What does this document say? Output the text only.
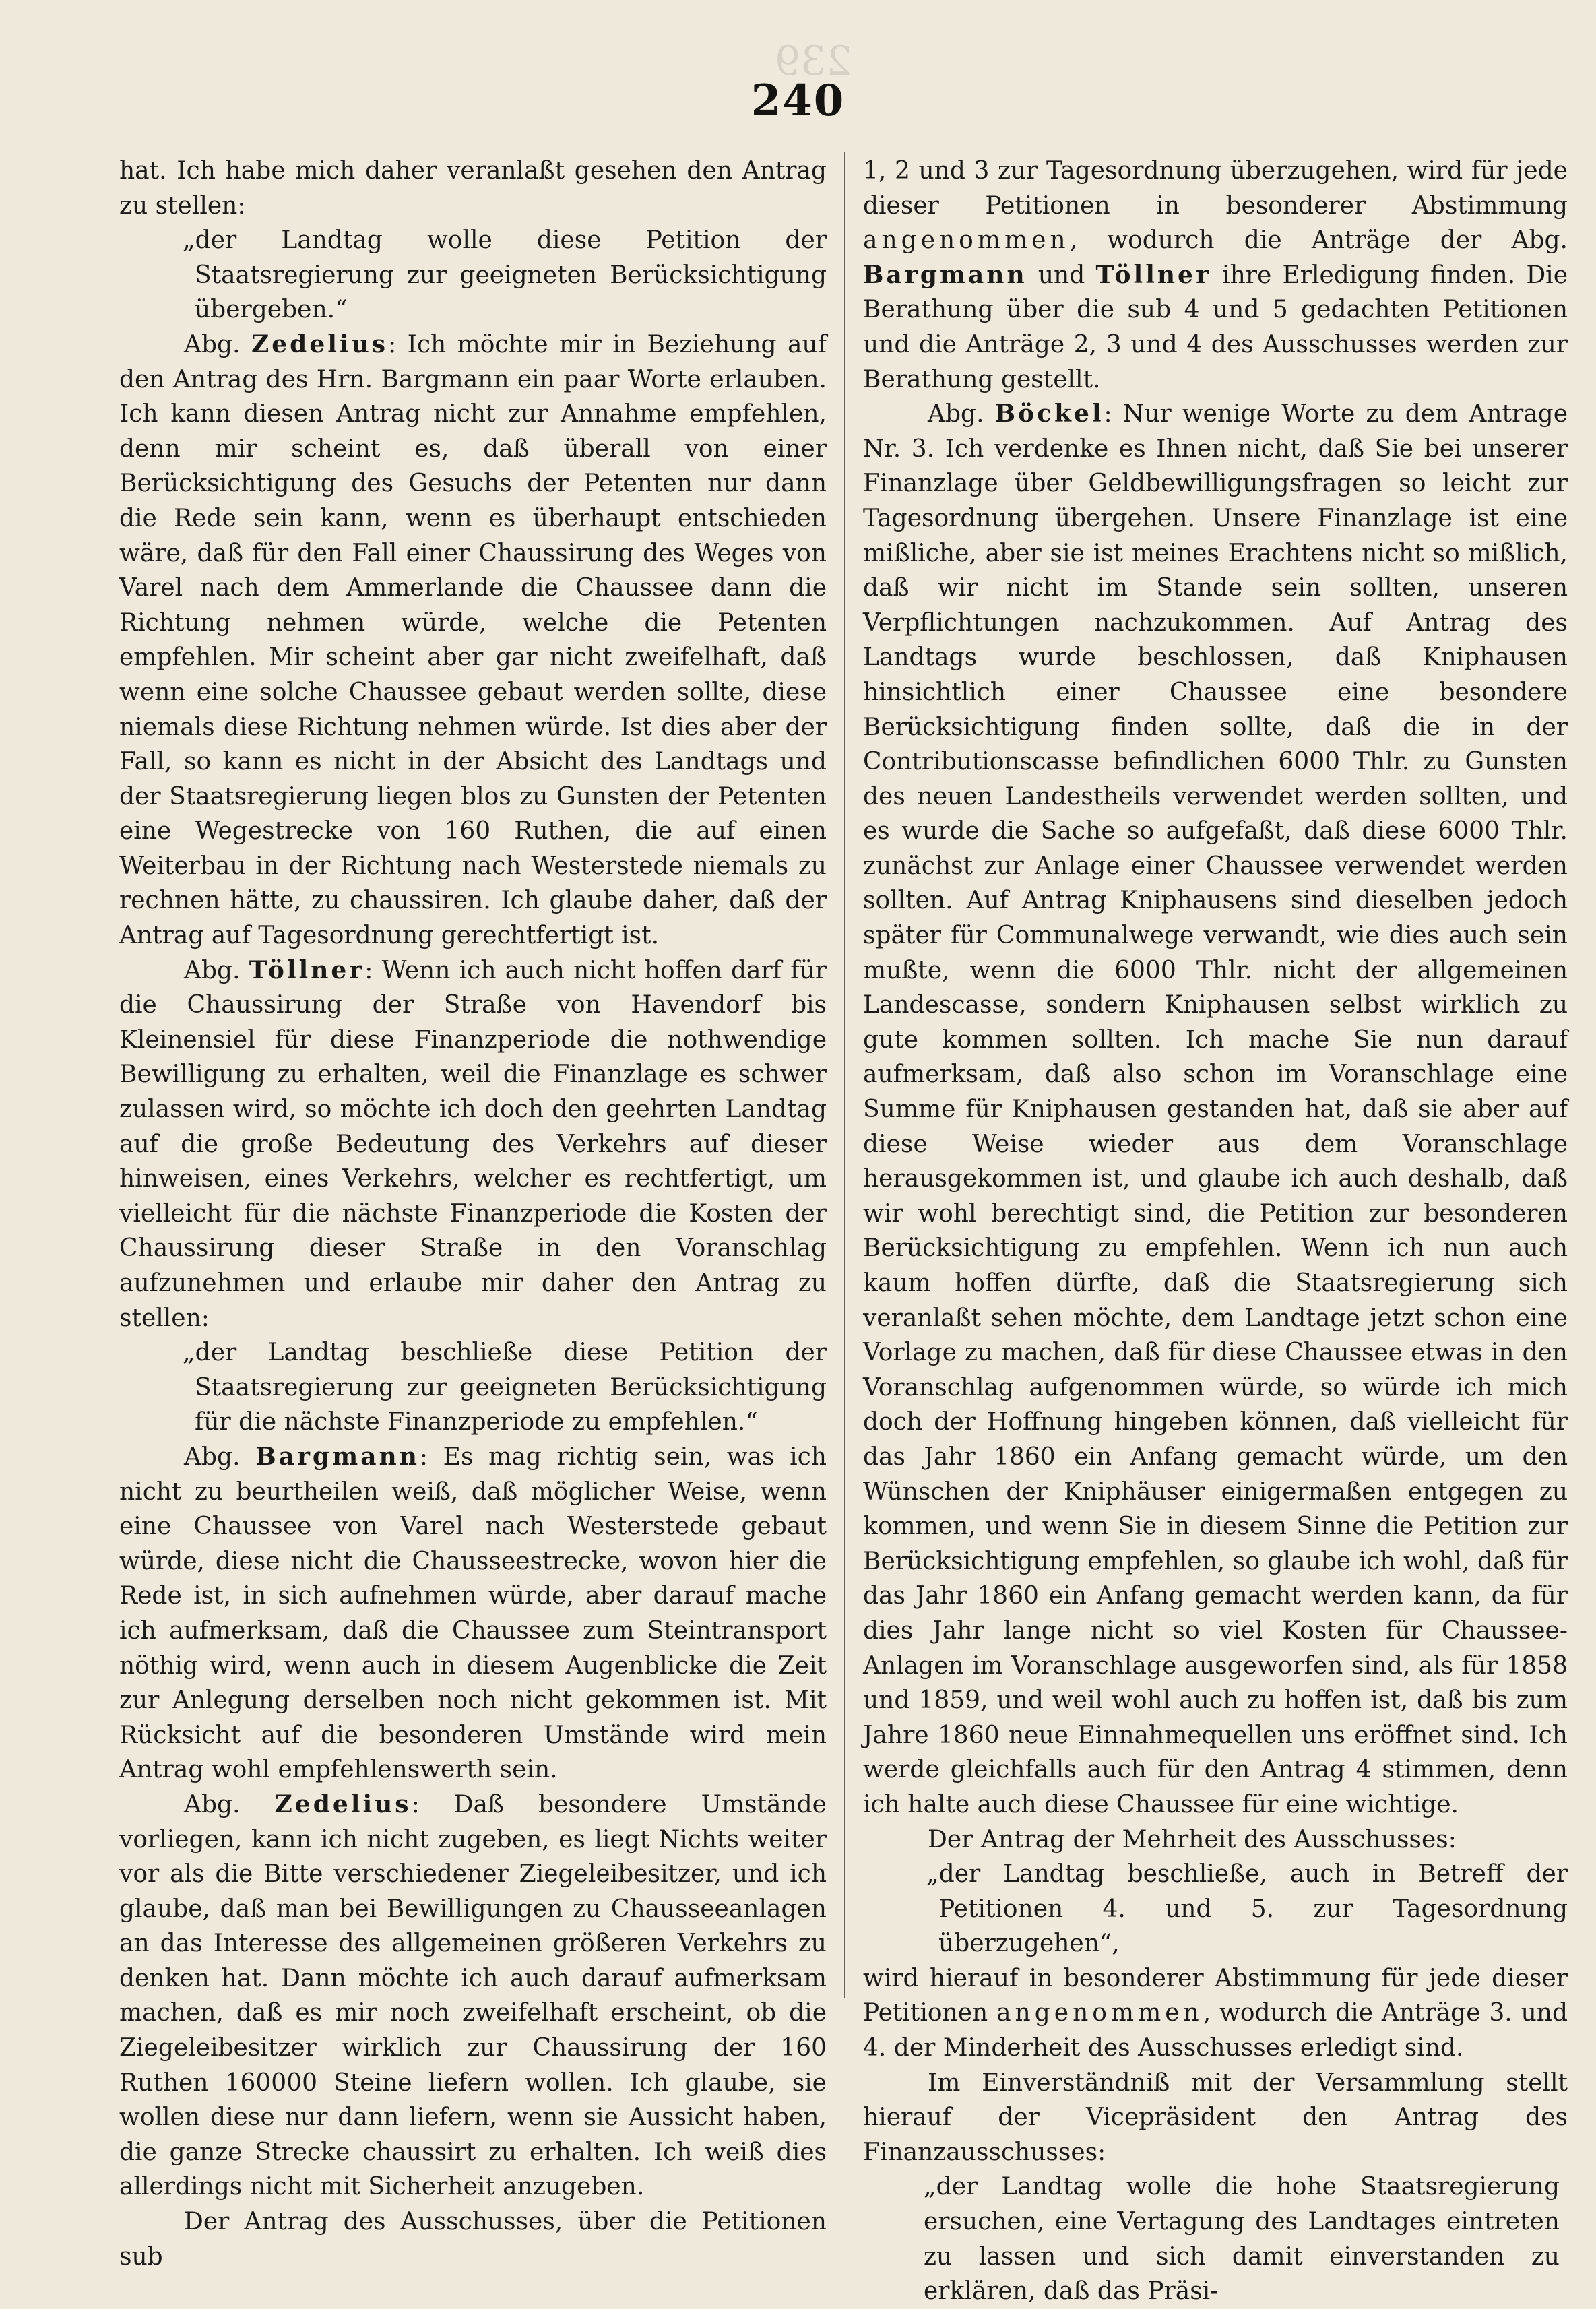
239
240

hat. Ich habe mich daher veranlaßt gesehen den Antrag zu stellen:

„der Landtag wolle diese Petition der Staatsregierung zur geeigneten Berücksichtigung übergeben.“

Abg. Zedelius: Ich möchte mir in Beziehung auf den Antrag des Hrn. Bargmann ein paar Worte erlauben. Ich kann diesen Antrag nicht zur Annahme empfehlen, denn mir scheint es, daß überall von einer Berücksichtigung des Gesuchs der Petenten nur dann die Rede sein kann, wenn es überhaupt entschieden wäre, daß für den Fall einer Chaussirung des Weges von Varel nach dem Ammerlande die Chaussee dann die Richtung nehmen würde, welche die Petenten empfehlen. Mir scheint aber gar nicht zweifelhaft, daß wenn eine solche Chaussee gebaut werden sollte, diese niemals diese Richtung nehmen würde. Ist dies aber der Fall, so kann es nicht in der Absicht des Landtags und der Staatsregierung liegen blos zu Gunsten der Petenten eine Wegestrecke von 160 Ruthen, die auf einen Weiterbau in der Richtung nach Westerstede niemals zu rechnen hätte, zu chaussiren. Ich glaube daher, daß der Antrag auf Tagesordnung gerechtfertigt ist.

Abg. Töllner: Wenn ich auch nicht hoffen darf für die Chaussirung der Straße von Havendorf bis Kleinensiel für diese Finanzperiode die nothwendige Bewilligung zu erhalten, weil die Finanzlage es schwer zulassen wird, so möchte ich doch den geehrten Landtag auf die große Bedeutung des Verkehrs auf dieser hinweisen, eines Verkehrs, welcher es rechtfertigt, um vielleicht für die nächste Finanzperiode die Kosten der Chaussirung dieser Straße in den Voranschlag aufzunehmen und erlaube mir daher den Antrag zu stellen:

„der Landtag beschließe diese Petition der Staatsregierung zur geeigneten Berücksichtigung für die nächste Finanzperiode zu empfehlen.“

Abg. Bargmann: Es mag richtig sein, was ich nicht zu beurtheilen weiß, daß möglicher Weise, wenn eine Chaussee von Varel nach Westerstede gebaut würde, diese nicht die Chausseestrecke, wovon hier die Rede ist, in sich aufnehmen würde, aber darauf mache ich aufmerksam, daß die Chaussee zum Steintransport nöthig wird, wenn auch in diesem Augenblicke die Zeit zur Anlegung derselben noch nicht gekommen ist. Mit Rücksicht auf die besonderen Umstände wird mein Antrag wohl empfehlenswerth sein.

Abg. Zedelius: Daß besondere Umstände vorliegen, kann ich nicht zugeben, es liegt Nichts weiter vor als die Bitte verschiedener Ziegeleibesitzer, und ich glaube, daß man bei Bewilligungen zu Chausseeanlagen an das Interesse des allgemeinen größeren Verkehrs zu denken hat. Dann möchte ich auch darauf aufmerksam machen, daß es mir noch zweifelhaft erscheint, ob die Ziegeleibesitzer wirklich zur Chaussirung der 160 Ruthen 160000 Steine liefern wollen. Ich glaube, sie wollen diese nur dann liefern, wenn sie Aussicht haben, die ganze Strecke chaussirt zu erhalten. Ich weiß dies allerdings nicht mit Sicherheit anzugeben.

Der Antrag des Ausschusses, über die Petitionen sub

1, 2 und 3 zur Tagesordnung überzugehen, wird für jede dieser Petitionen in besonderer Abstimmung angenommen, wodurch die Anträge der Abg. Bargmann und Töllner ihre Erledigung finden. Die Berathung über die sub 4 und 5 gedachten Petitionen und die Anträge 2, 3 und 4 des Ausschusses werden zur Berathung gestellt.

Abg. Böckel: Nur wenige Worte zu dem Antrage Nr. 3. Ich verdenke es Ihnen nicht, daß Sie bei unserer Finanzlage über Geldbewilligungsfragen so leicht zur Tagesordnung übergehen. Unsere Finanzlage ist eine mißliche, aber sie ist meines Erachtens nicht so mißlich, daß wir nicht im Stande sein sollten, unseren Verpflichtungen nachzukommen. Auf Antrag des Landtags wurde beschlossen, daß Kniphausen hinsichtlich einer Chaussee eine besondere Berücksichtigung finden sollte, daß die in der Contributionscasse befindlichen 6000 Thlr. zu Gunsten des neuen Landestheils verwendet werden sollten, und es wurde die Sache so aufgefaßt, daß diese 6000 Thlr. zunächst zur Anlage einer Chaussee verwendet werden sollten. Auf Antrag Kniphausens sind dieselben jedoch später für Communalwege verwandt, wie dies auch sein mußte, wenn die 6000 Thlr. nicht der allgemeinen Landescasse, sondern Kniphausen selbst wirklich zu gute kommen sollten. Ich mache Sie nun darauf aufmerksam, daß also schon im Voranschlage eine Summe für Kniphausen gestanden hat, daß sie aber auf diese Weise wieder aus dem Voranschlage herausgekommen ist, und glaube ich auch deshalb, daß wir wohl berechtigt sind, die Petition zur besonderen Berücksichtigung zu empfehlen. Wenn ich nun auch kaum hoffen dürfte, daß die Staatsregierung sich veranlaßt sehen möchte, dem Landtage jetzt schon eine Vorlage zu machen, daß für diese Chaussee etwas in den Voranschlag aufgenommen würde, so würde ich mich doch der Hoffnung hingeben können, daß vielleicht für das Jahr 1860 ein Anfang gemacht würde, um den Wünschen der Kniphäuser einigermaßen entgegen zu kommen, und wenn Sie in diesem Sinne die Petition zur Berücksichtigung empfehlen, so glaube ich wohl, daß für das Jahr 1860 ein Anfang gemacht werden kann, da für dies Jahr lange nicht so viel Kosten für Chaussee-Anlagen im Voranschlage ausgeworfen sind, als für 1858 und 1859, und weil wohl auch zu hoffen ist, daß bis zum Jahre 1860 neue Einnahmequellen uns eröffnet sind. Ich werde gleichfalls auch für den Antrag 4 stimmen, denn ich halte auch diese Chaussee für eine wichtige.

Der Antrag der Mehrheit des Ausschusses:

„der Landtag beschließe, auch in Betreff der Petitionen 4. und 5. zur Tagesordnung überzugehen“,

wird hierauf in besonderer Abstimmung für jede dieser Petitionen angenommen, wodurch die Anträge 3. und 4. der Minderheit des Ausschusses erledigt sind.

Im Einverständniß mit der Versammlung stellt hierauf der Vicepräsident den Antrag des Finanzausschusses:

„der Landtag wolle die hohe Staatsregierung ersuchen, eine Vertagung des Landtages eintreten zu lassen und sich damit einverstanden zu erklären, daß das Präsi-
